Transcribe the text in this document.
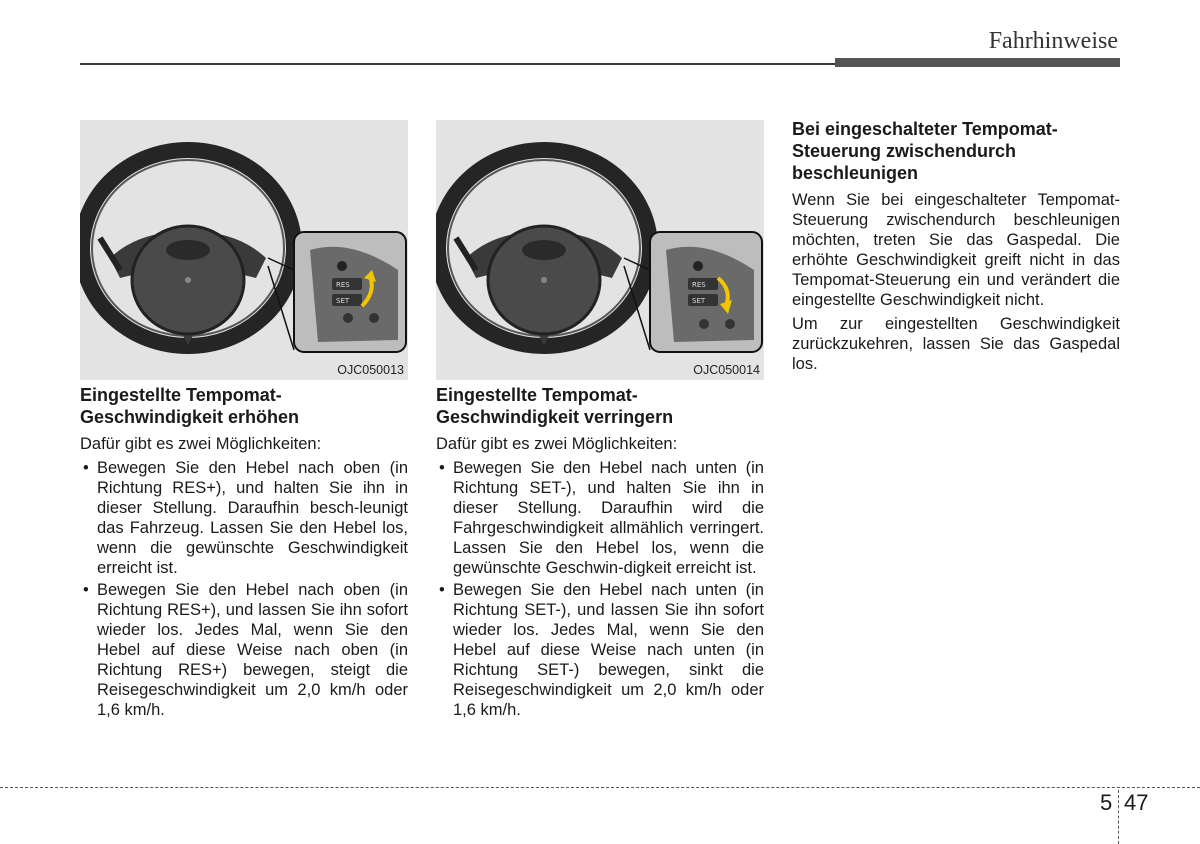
Fahrhinweise
RES
SET
OJC050013
RES
SET
OJC050014
Eingestellte Tempomat-Geschwindigkeit erhöhen
Dafür gibt es zwei Möglichkeiten:
• Bewegen Sie den Hebel nach oben (in Richtung RES+), und halten Sie ihn in dieser Stellung. Daraufhin besch-leunigt das Fahrzeug. Lassen Sie den Hebel los, wenn die gewünschte Geschwindigkeit erreicht ist.
• Bewegen Sie den Hebel nach oben (in Richtung RES+), und lassen Sie ihn sofort wieder los. Jedes Mal, wenn Sie den Hebel auf diese Weise nach oben (in Richtung RES+) bewegen, steigt die Reisegeschwindigkeit um 2,0 km/h oder 1,6 km/h.
Eingestellte Tempomat-Geschwindigkeit verringern
Dafür gibt es zwei Möglichkeiten:
• Bewegen Sie den Hebel nach unten (in Richtung SET-), und halten Sie ihn in dieser Stellung. Daraufhin wird die Fahrgeschwindigkeit allmählich verringert. Lassen Sie den Hebel los, wenn die gewünschte Geschwin-digkeit erreicht ist.
• Bewegen Sie den Hebel nach unten (in Richtung SET-), und lassen Sie ihn sofort wieder los. Jedes Mal, wenn Sie den Hebel auf diese Weise nach unten (in Richtung SET-) bewegen, sinkt die Reisegeschwindigkeit um 2,0 km/h oder 1,6 km/h.
Bei eingeschalteter Tempomat-Steuerung zwischendurch beschleunigen
Wenn Sie bei eingeschalteter Tempomat-Steuerung zwischendurch beschleunigen möchten, treten Sie das Gaspedal. Die erhöhte Geschwindigkeit greift nicht in das Tempomat-Steuerung ein und verändert die eingestellte Geschwindigkeit nicht.
Um zur eingestellten Geschwindigkeit zurückzukehren, lassen Sie das Gaspedal los.
5 47
